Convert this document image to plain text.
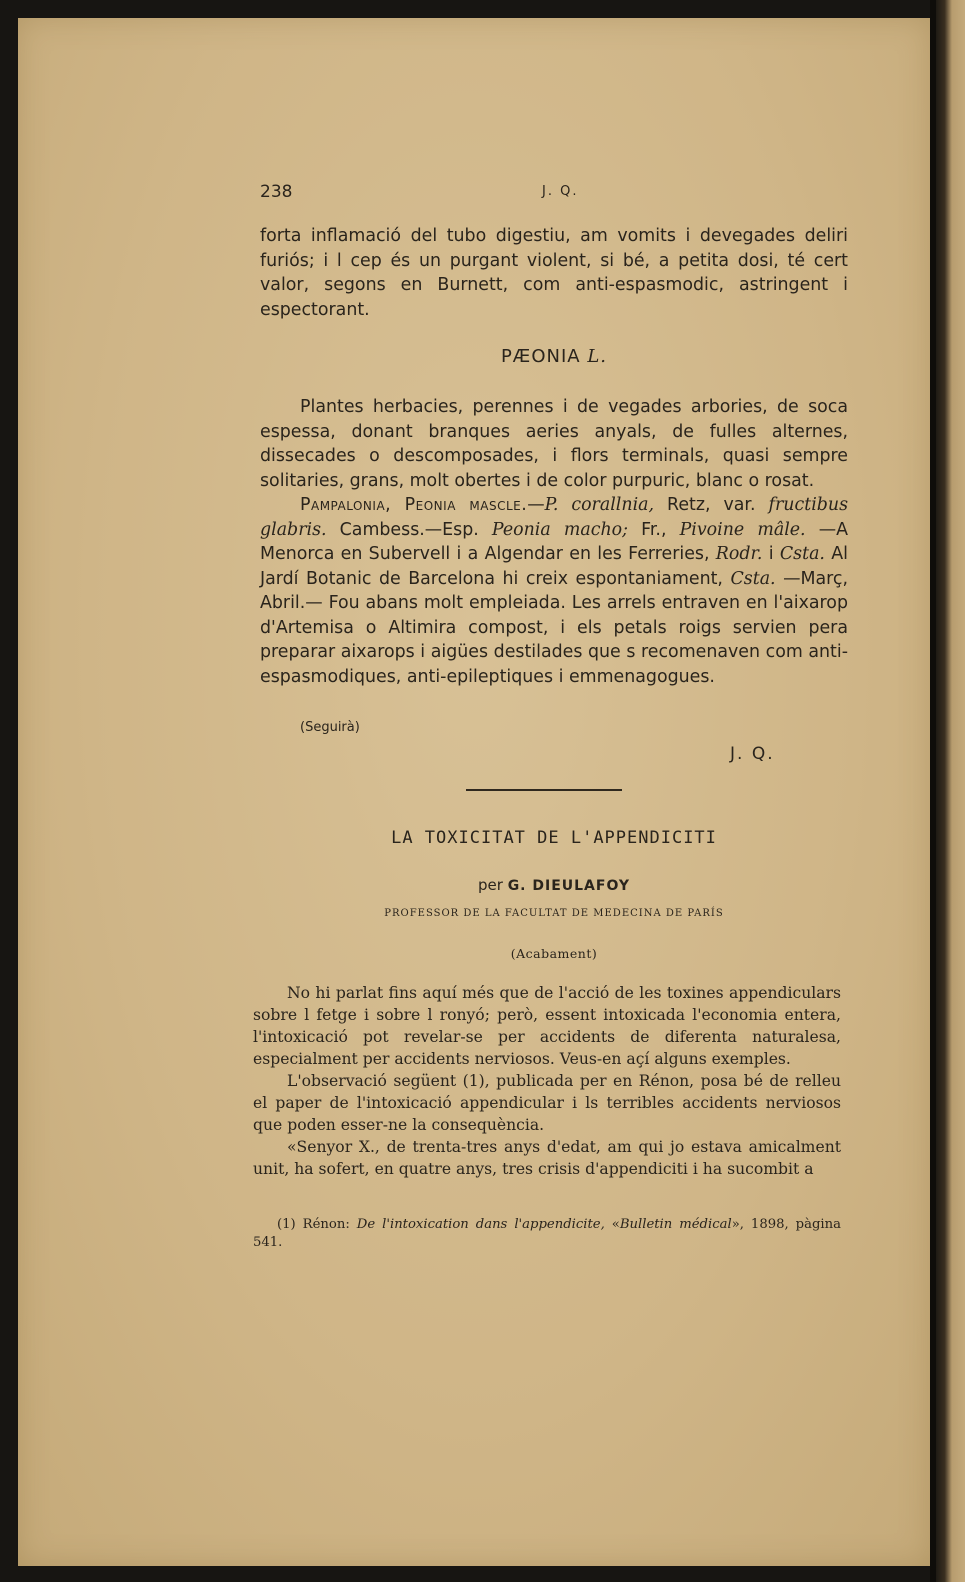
238	J. Q.

forta inflamació del tubo digestiu, am vomits i devegades deliri furiós; i l cep és un purgant violent, si bé, a petita dosi, té cert valor, segons en Burnett, com anti-espasmodic, astringent i espectorant.

PÆONIA L.

Plantes herbacies, perennes i de vegades arbories, de soca espessa, donant branques aeries anyals, de fulles alternes, dissecades o descomposades, i flors terminals, quasi sempre solitaries, grans, molt obertes i de color purpuric, blanc o rosat.

Pampalonia, Peonia mascle.—P. corallnia, Retz, var. fructibus glabris. Cambess.—Esp. Peonia macho; Fr., Pivoine mâle. —A Menorca en Subervell i a Algendar en les Ferreries, Rodr. i Csta. Al Jardí Botanic de Barcelona hi creix espontaniament, Csta. —Març, Abril.— Fou abans molt empleiada. Les arrels entraven en l'aixarop d'Artemisa o Altimira compost, i els petals roigs servien pera preparar aixarops i aigües destilades que s recomenaven com anti-espasmodiques, anti-epileptiques i emmenagogues.

(Seguirà)
J. Q.
LA TOXICITAT DE L'APPENDICITI
per G. DIEULAFOY
PROFESSOR DE LA FACULTAT DE MEDECINA DE PARÍS
(Acabament)

No hi parlat fins aquí més que de l'acció de les toxines appendiculars sobre l fetge i sobre l ronyó; però, essent intoxicada l'economia entera, l'intoxicació pot revelar-se per accidents de diferenta naturalesa, especialment per accidents nerviosos. Veus-en açí alguns exemples.

L'observació següent (1), publicada per en Rénon, posa bé de relleu el paper de l'intoxicació appendicular i ls terribles accidents nerviosos que poden esser-ne la consequència.

«Senyor X., de trenta-tres anys d'edat, am qui jo estava amicalment unit, ha sofert, en quatre anys, tres crisis d'appendiciti i ha sucombit a

(1) Rénon: De l'intoxication dans l'appendicite, «Bulletin médical», 1898, pàgina 541.
